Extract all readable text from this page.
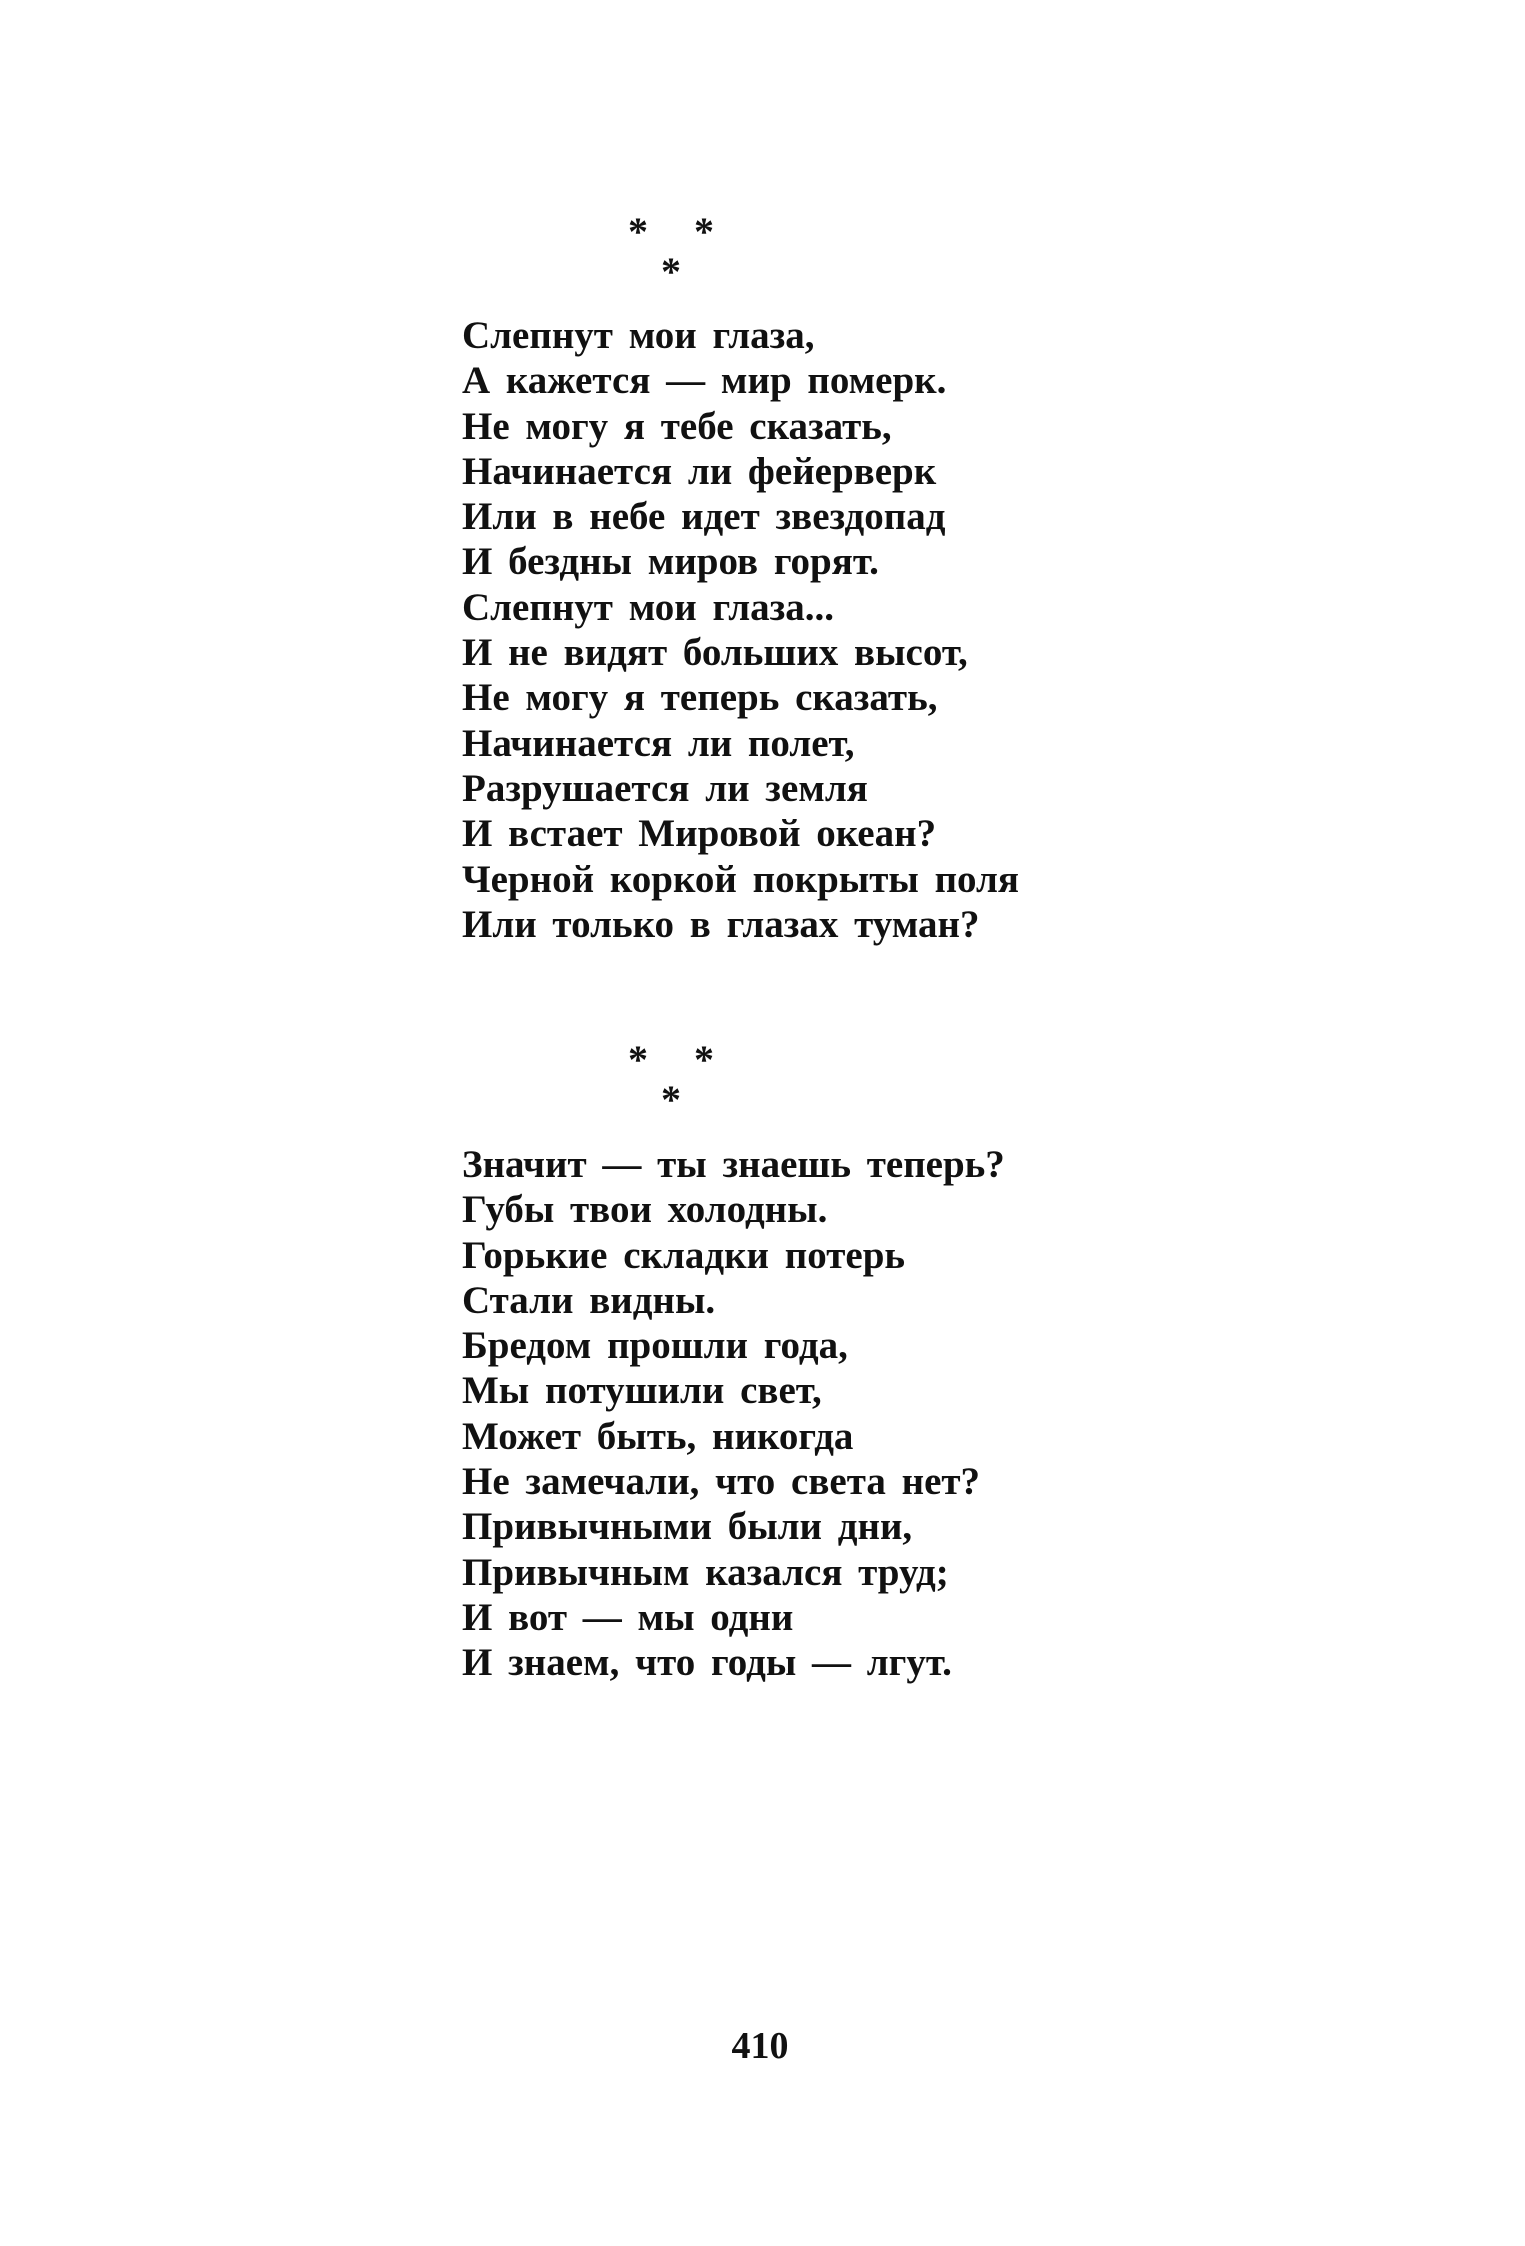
* * *
Слепнут мои глаза,
А кажется — мир померк.
Не могу я тебе сказать,
Начинается ли фейерверк
Или в небе идет звездопад
И бездны миров горят.
Слепнут мои глаза...
И не видят больших высот,
Не могу я теперь сказать,
Начинается ли полет,
Разрушается ли земля
И встает Мировой океан?
Черной коркой покрыты поля
Или только в глазах туман?
* * *
Значит — ты знаешь теперь?
Губы твои холодны.
Горькие складки потерь
Стали видны.
Бредом прошли года,
Мы потушили свет,
Может быть, никогда
Не замечали, что света нет?
Привычными были дни,
Привычным казался труд;
И вот — мы одни
И знаем, что годы — лгут.
410
